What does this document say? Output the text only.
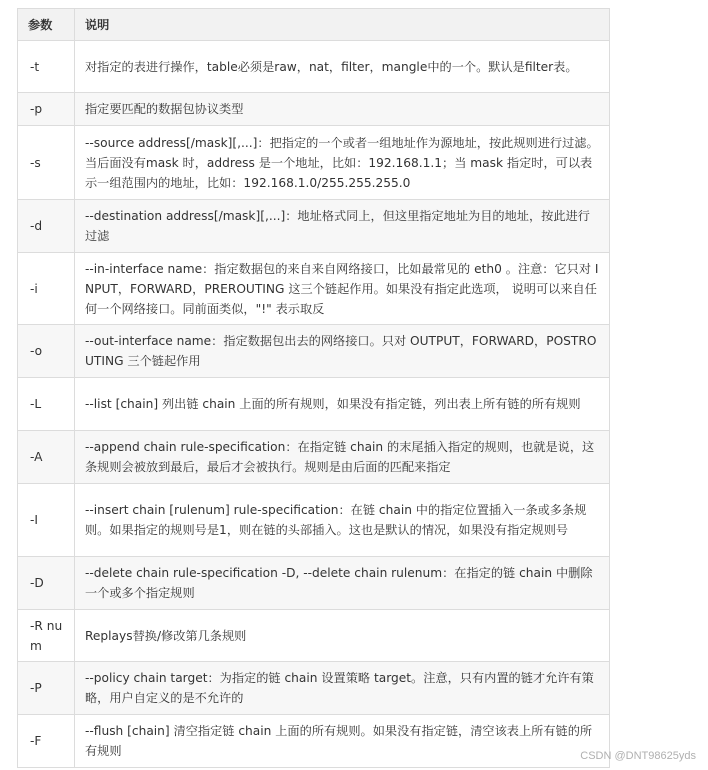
参数	说明
-t	对指定的表进行操作，table必须是raw，nat，filter，mangle中的一个。默认是filter表。
-p	指定要匹配的数据包协议类型
-s	--source address[/mask][,...]：把指定的一个或者一组地址作为源地址，按此规则进行过滤。当后面没有mask 时，address 是一个地址，比如：192.168.1.1；当 mask 指定时，可以表示一组范围内的地址，比如：192.168.1.0/255.255.255.0
-d	--destination address[/mask][,...]：地址格式同上，但这里指定地址为目的地址，按此进行过滤
-i	--in-interface name：指定数据包的来自来自网络接口，比如最常见的 eth0 。注意：它只对 INPUT，FORWARD，PREROUTING 这三个链起作用。如果没有指定此选项， 说明可以来自任何一个网络接口。同前面类似，"!" 表示取反
-o	--out-interface name：指定数据包出去的网络接口。只对 OUTPUT，FORWARD，POSTROUTING 三个链起作用
-L	--list [chain] 列出链 chain 上面的所有规则，如果没有指定链，列出表上所有链的所有规则
-A	--append chain rule-specification：在指定链 chain 的末尾插入指定的规则，也就是说，这条规则会被放到最后，最后才会被执行。规则是由后面的匹配来指定
-I	--insert chain [rulenum] rule-specification：在链 chain 中的指定位置插入一条或多条规则。如果指定的规则号是1，则在链的头部插入。这也是默认的情况，如果没有指定规则号
-D	--delete chain rule-specification -D, --delete chain rulenum：在指定的链 chain 中删除一个或多个指定规则
-R num	Replays替换/修改第几条规则
-P	--policy chain target：为指定的链 chain 设置策略 target。注意，只有内置的链才允许有策略，用户自定义的是不允许的
-F	--flush [chain] 清空指定链 chain 上面的所有规则。如果没有指定链，清空该表上所有链的所有规则	CSDN @DNT98625yds
